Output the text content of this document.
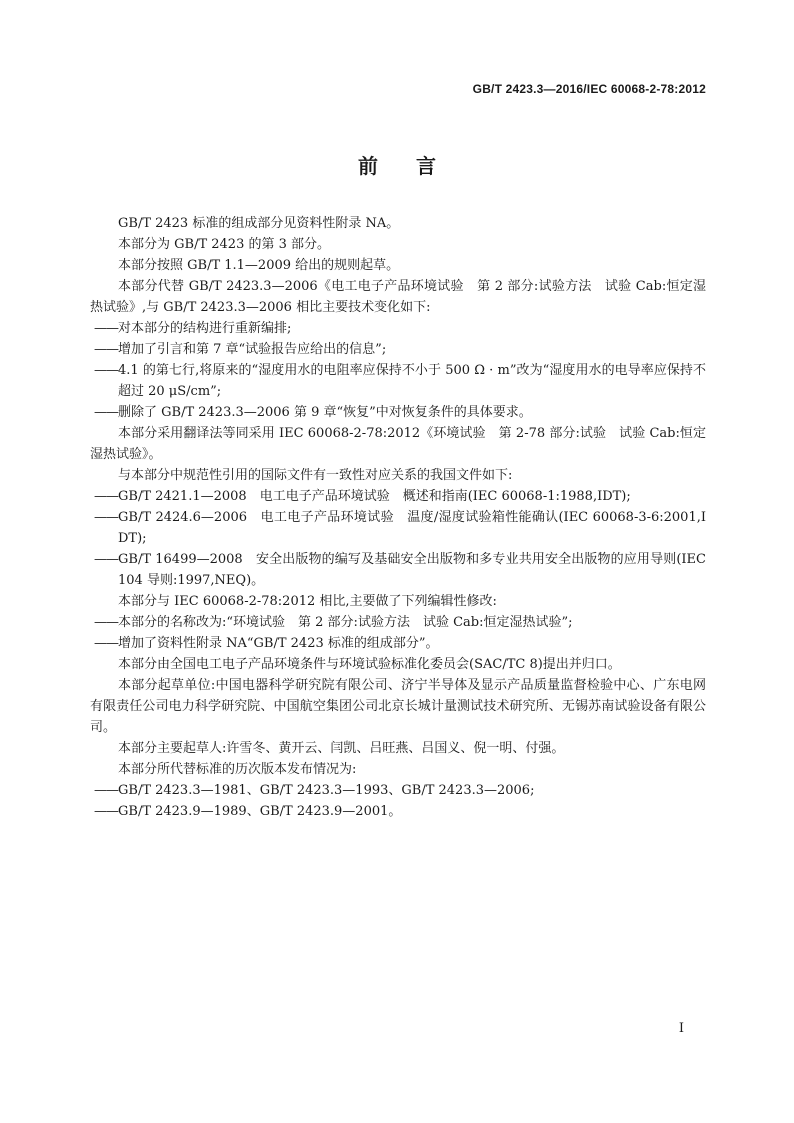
GB/T 2423.3—2016/IEC 60068-2-78:2012
前言
GB/T 2423 标准的组成部分见资料性附录 NA。
本部分为 GB/T 2423 的第 3 部分。
本部分按照 GB/T 1.1—2009 给出的规则起草。
本部分代替 GB/T 2423.3—2006《电工电子产品环境试验　第 2 部分:试验方法　试验 Cab:恒定湿热试验》,与 GB/T 2423.3—2006 相比主要技术变化如下:
—— 对本部分的结构进行重新编排;
—— 增加了引言和第 7 章“试验报告应给出的信息”;
—— 4.1 的第七行,将原来的“湿度用水的电阻率应保持不小于 500 Ω · m”改为“湿度用水的电导率应保持不超过 20 μS/cm”;
—— 删除了 GB/T 2423.3—2006 第 9 章“恢复”中对恢复条件的具体要求。
本部分采用翻译法等同采用 IEC 60068-2-78:2012《环境试验　第 2-78 部分:试验　试验 Cab:恒定湿热试验》。
与本部分中规范性引用的国际文件有一致性对应关系的我国文件如下:
—— GB/T 2421.1—2008　电工电子产品环境试验　概述和指南(IEC 60068-1:1988,IDT);
—— GB/T 2424.6—2006　电工电子产品环境试验　温度/湿度试验箱性能确认(IEC 60068-3-6:2001,IDT);
—— GB/T 16499—2008　安全出版物的编写及基础安全出版物和多专业共用安全出版物的应用导则(IEC 104 导则:1997,NEQ)。
本部分与 IEC 60068-2-78:2012 相比,主要做了下列编辑性修改:
—— 本部分的名称改为:“环境试验　第 2 部分:试验方法　试验 Cab:恒定湿热试验”;
—— 增加了资料性附录 NA“GB/T 2423 标准的组成部分”。
本部分由全国电工电子产品环境条件与环境试验标准化委员会(SAC/TC 8)提出并归口。
本部分起草单位:中国电器科学研究院有限公司、济宁半导体及显示产品质量监督检验中心、广东电网有限责任公司电力科学研究院、中国航空集团公司北京长城计量测试技术研究所、无锡苏南试验设备有限公司。
本部分主要起草人:许雪冬、黄开云、闫凯、吕旺燕、吕国义、倪一明、付强。
本部分所代替标准的历次版本发布情况为:
—— GB/T 2423.3—1981、GB/T 2423.3—1993、GB/T 2423.3—2006;
—— GB/T 2423.9—1989、GB/T 2423.9—2001。
I
